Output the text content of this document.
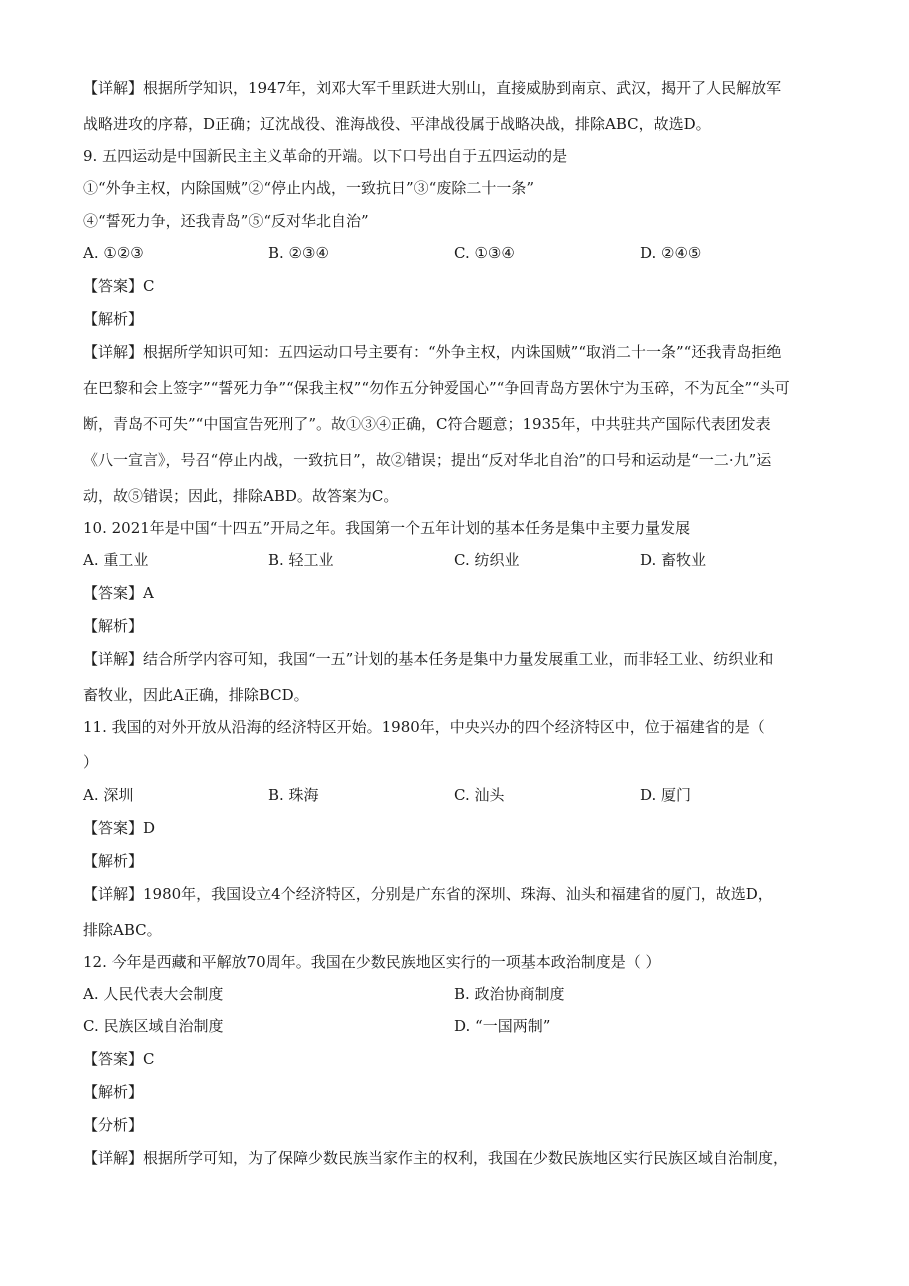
【详解】根据所学知识，1947年，刘邓大军千里跃进大别山，直接威胁到南京、武汉，揭开了人民解放军
战略进攻的序幕，D正确；辽沈战役、淮海战役、平津战役属于战略决战，排除ABC，故选D。
9. 五四运动是中国新民主主义革命的开端。以下口号出自于五四运动的是
①“外争主权，内除国贼”②“停止内战，一致抗日”③“废除二十一条”
④“誓死力争，还我青岛”⑤“反对华北自治”
A. ①②③	B. ②③④	C. ①③④	D. ②④⑤
【答案】C
【解析】
【详解】根据所学知识可知：五四运动口号主要有：“外争主权，内诛国贼”“取消二十一条”“还我青岛拒绝
在巴黎和会上签字”“誓死力争”“保我主权”“勿作五分钟爱国心”“争回青岛方罢休宁为玉碎，不为瓦全”“头可
断，青岛不可失”“中国宣告死刑了”。故①③④正确，C符合题意；1935年，中共驻共产国际代表团发表
《八一宣言》，号召“停止内战，一致抗日”，故②错误；提出“反对华北自治”的口号和运动是“一二·九”运
动，故⑤错误；因此，排除ABD。故答案为C。
10. 2021年是中国“十四五”开局之年。我国第一个五年计划的基本任务是集中主要力量发展
A. 重工业	B. 轻工业	C. 纺织业	D. 畜牧业
【答案】A
【解析】
【详解】结合所学内容可知，我国“一五”计划的基本任务是集中力量发展重工业，而非轻工业、纺织业和
畜牧业，因此A正确，排除BCD。
11. 我国的对外开放从沿海的经济特区开始。1980年，中央兴办的四个经济特区中，位于福建省的是（
）
A. 深圳	B. 珠海	C. 汕头	D. 厦门
【答案】D
【解析】
【详解】1980年，我国设立4个经济特区，分别是广东省的深圳、珠海、汕头和福建省的厦门，故选D，
排除ABC。
12. 今年是西藏和平解放70周年。我国在少数民族地区实行的一项基本政治制度是（ ）
A. 人民代表大会制度	B. 政治协商制度
C. 民族区域自治制度	D. “一国两制”
【答案】C
【解析】
【分析】
【详解】根据所学可知，为了保障少数民族当家作主的权利，我国在少数民族地区实行民族区域自治制度，
